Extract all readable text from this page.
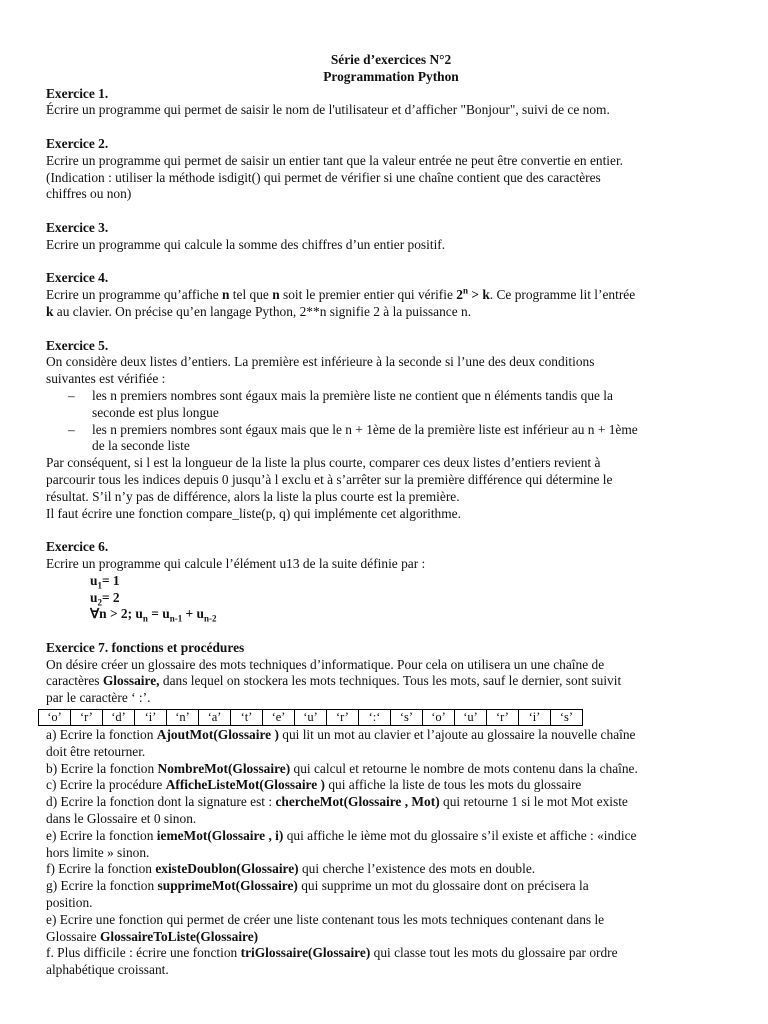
Série d’exercices N°2
Programmation Python
Exercice 1.
Écrire un programme qui permet de saisir le nom de l'utilisateur et d’afficher "Bonjour", suivi de ce nom.
Exercice 2.
Ecrire un programme qui permet de saisir un entier tant que la valeur entrée ne peut être convertie en entier.
(Indication : utiliser la méthode isdigit() qui permet de vérifier si une chaîne contient que des caractères
chiffres ou non)
Exercice 3.
Ecrire un programme qui calcule la somme des chiffres d’un entier positif.
Exercice 4.
Ecrire un programme qu’affiche n tel que n soit le premier entier qui vérifie $2^n > k$. Ce programme lit l’entrée
k au clavier. On précise qu’en langage Python, 2**n signifie 2 à la puissance n.
Exercice 5.
On considère deux listes d’entiers. La première est inférieure à la seconde si l’une des deux conditions
suivantes est vérifiée :
– les n premiers nombres sont égaux mais la première liste ne contient que n éléments tandis que la
seconde est plus longue
– les n premiers nombres sont égaux mais que le n + 1ème de la première liste est inférieur au n + 1ème
de la seconde liste
Par conséquent, si l est la longueur de la liste la plus courte, comparer ces deux listes d’entiers revient à
parcourir tous les indices depuis 0 jusqu’à l exclu et à s’arrêter sur la première différence qui détermine le
résultat. S’il n’y pas de différence, alors la liste la plus courte est la première.
Il faut écrire une fonction compare_liste(p, q) qui implémente cet algorithme.
Exercice 6.
Ecrire un programme qui calcule l’élément u13 de la suite définie par :
$u_1= 1$
$u_2= 2$
∀n > 2; $u_n = u_{n-1} + u_{n-2}$
Exercice 7. fonctions et procédures
On désire créer un glossaire des mots techniques d’informatique. Pour cela on utilisera un une chaîne de
caractères Glossaire, dans lequel on stockera les mots techniques. Tous les mots, sauf le dernier, sont suivit
par le caractère ‘ :’.
‘o’	‘r’	‘d’	‘i’	‘n’	‘a’	‘t’	‘e’	‘u’	‘r’	‘:‘	‘s’	‘o’	‘u’	‘r’	‘i’	‘s’
a) Ecrire la fonction AjoutMot(Glossaire ) qui lit un mot au clavier et l’ajoute au glossaire la nouvelle chaîne
doit être retourner.
b) Ecrire la fonction NombreMot(Glossaire) qui calcul et retourne le nombre de mots contenu dans la chaîne.
c) Ecrire la procédure AfficheListeMot(Glossaire ) qui affiche la liste de tous les mots du glossaire
d) Ecrire la fonction dont la signature est : chercheMot(Glossaire , Mot) qui retourne 1 si le mot Mot existe
dans le Glossaire et 0 sinon.
e) Ecrire la fonction iemeMot(Glossaire , i) qui affiche le ième mot du glossaire s’il existe et affiche : «indice
hors limite » sinon.
f) Ecrire la fonction existeDoublon(Glossaire) qui cherche l’existence des mots en double.
g) Ecrire la fonction supprimeMot(Glossaire) qui supprime un mot du glossaire dont on précisera la
position.
e) Ecrire une fonction qui permet de créer une liste contenant tous les mots techniques contenant dans le
Glossaire GlossaireToListe(Glossaire)
f. Plus difficile : écrire une fonction triGlossaire(Glossaire) qui classe tout les mots du glossaire par ordre
alphabétique croissant.
